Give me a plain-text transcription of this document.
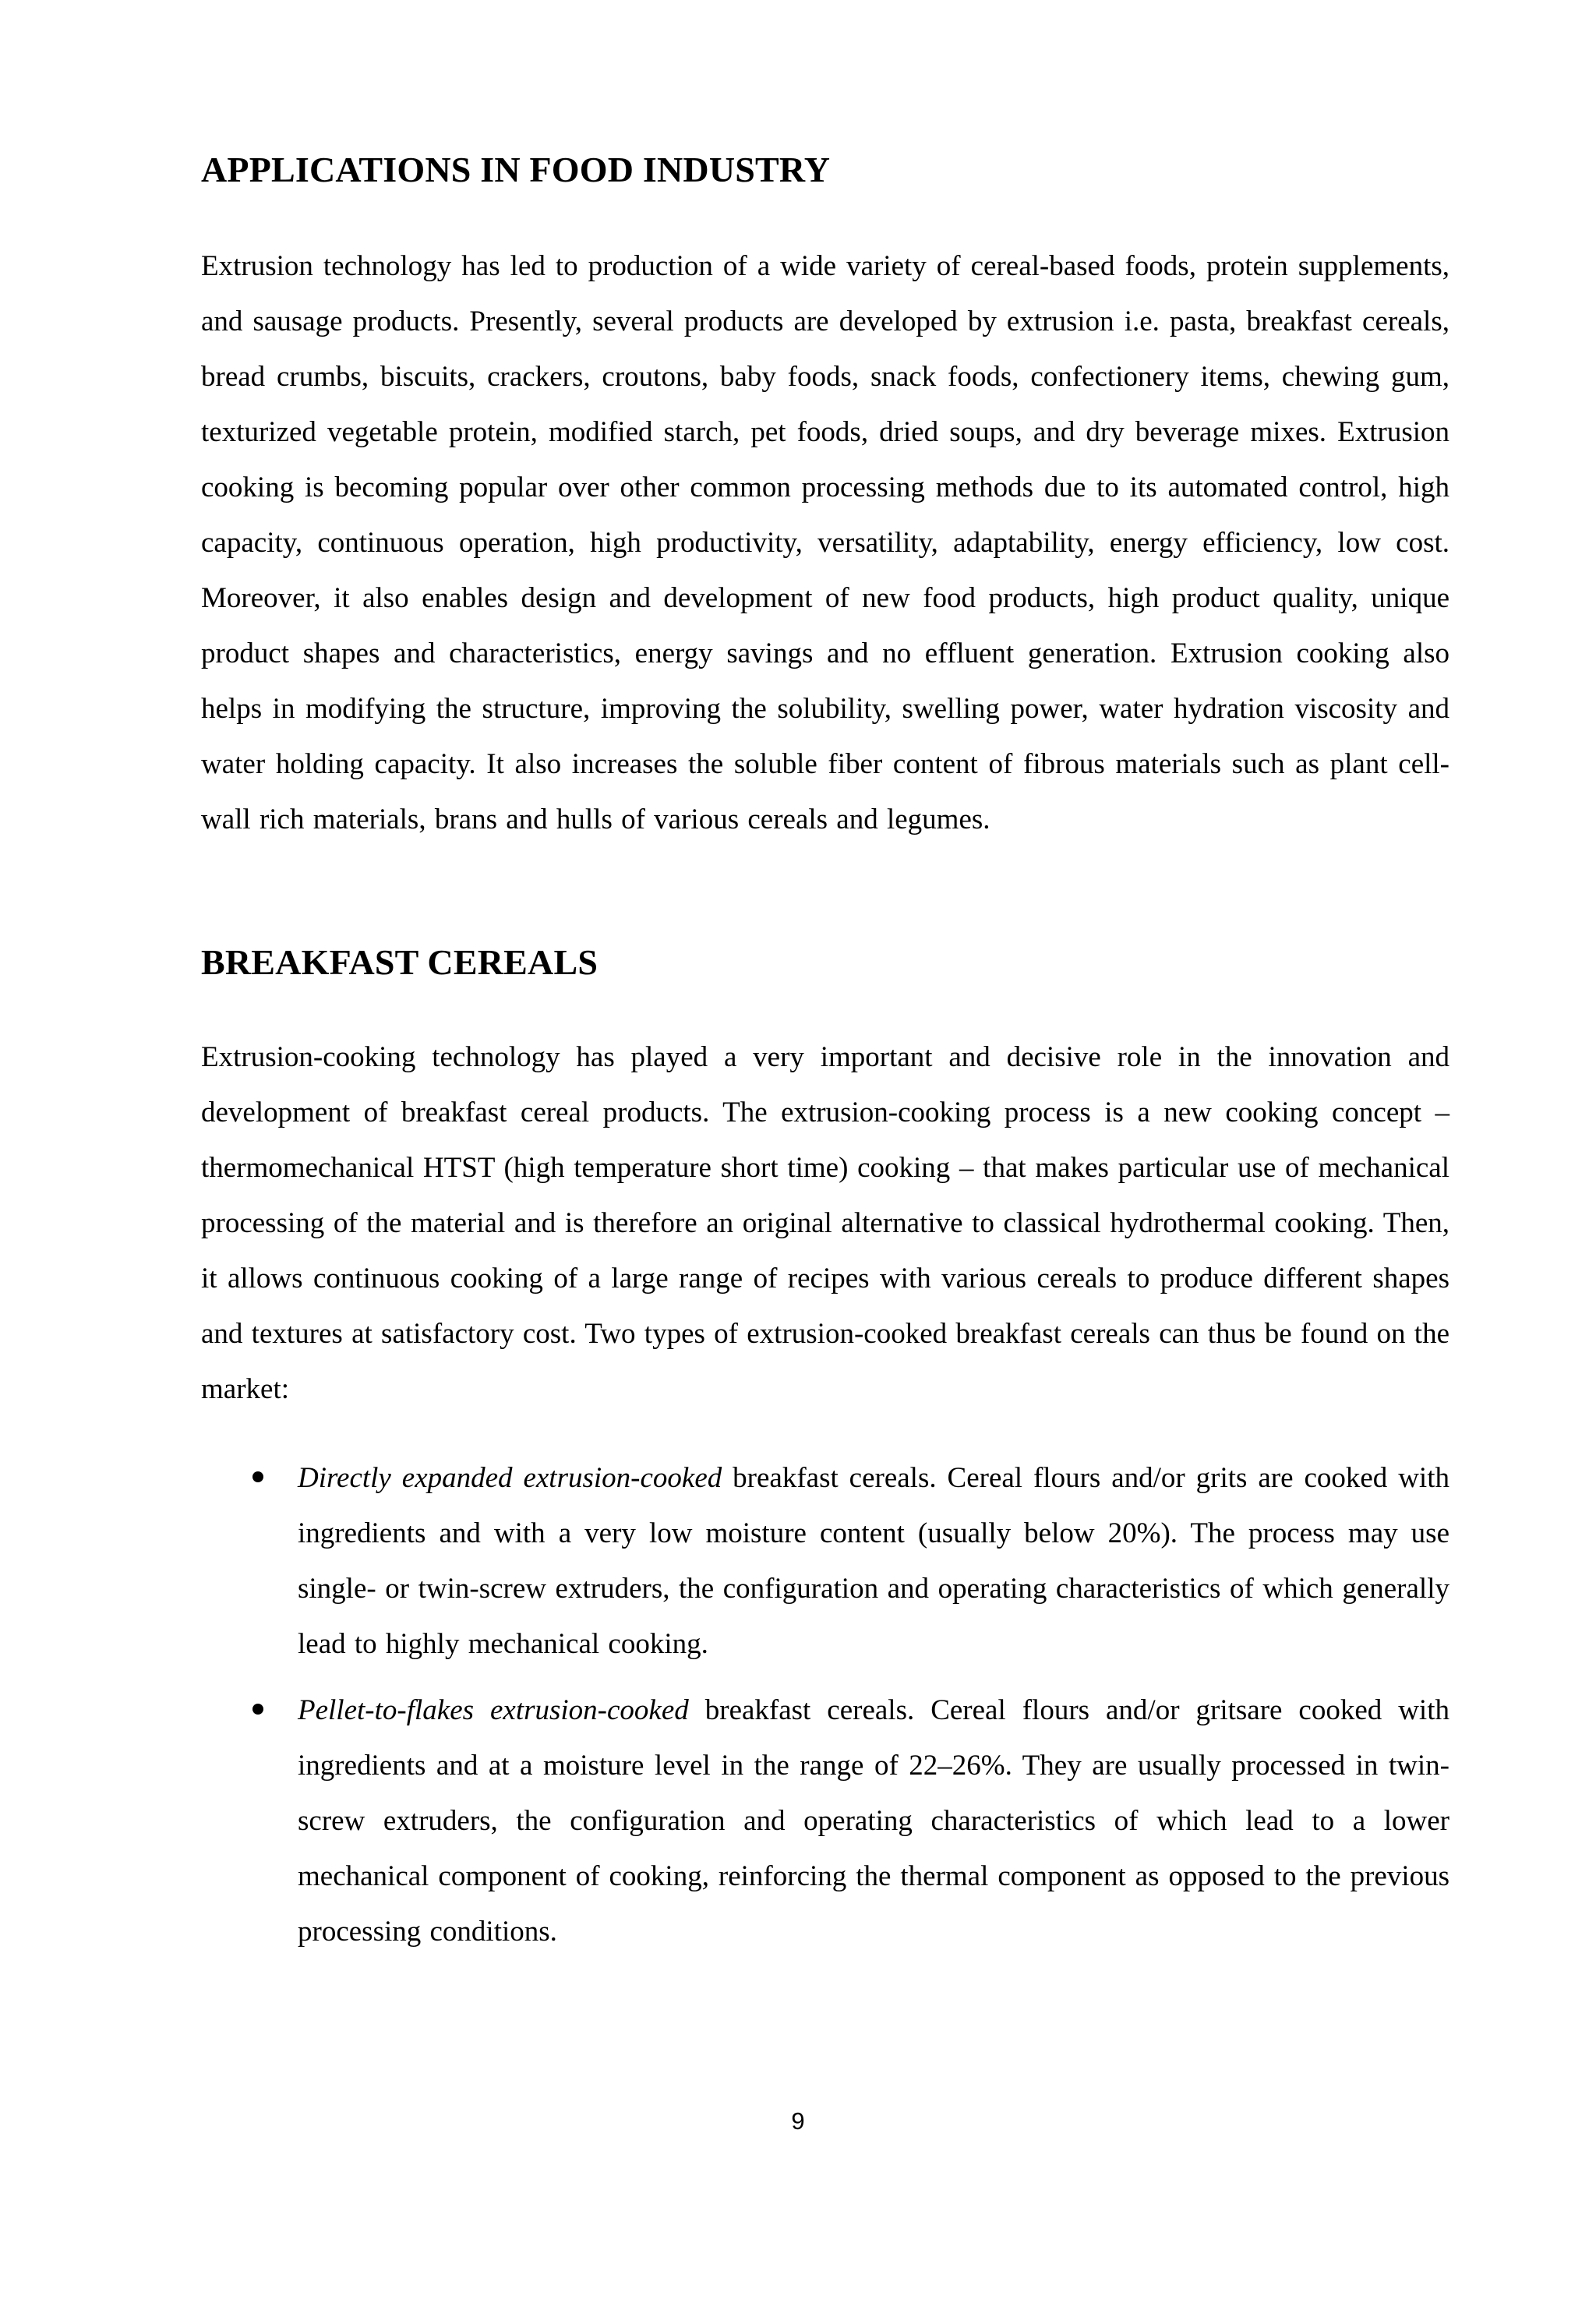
APPLICATIONS IN FOOD INDUSTRY

Extrusion technology has led to production of a wide variety of cereal-based foods, protein supplements, and sausage products. Presently, several products are developed by extrusion i.e. pasta, breakfast cereals, bread crumbs, biscuits, crackers, croutons, baby foods, snack foods, confectionery items, chewing gum, texturized vegetable protein, modified starch, pet foods, dried soups, and dry beverage mixes. Extrusion cooking is becoming popular over other common processing methods due to its automated control, high capacity, continuous operation, high productivity, versatility, adaptability, energy efficiency, low cost. Moreover, it also enables design and development of new food products, high product quality, unique product shapes and characteristics, energy savings and no effluent generation. Extrusion cooking also helps in modifying the structure, improving the solubility, swelling power, water hydration viscosity and water holding capacity. It also increases the soluble fiber content of fibrous materials such as plant cell-wall rich materials, brans and hulls of various cereals and legumes.

BREAKFAST CEREALS

Extrusion-cooking technology has played a very important and decisive role in the innovation and development of breakfast cereal products. The extrusion-cooking process is a new cooking concept – thermomechanical HTST (high temperature short time) cooking – that makes particular use of mechanical processing of the material and is therefore an original alternative to classical hydrothermal cooking. Then, it allows continuous cooking of a large range of recipes with various cereals to produce different shapes and textures at satisfactory cost. Two types of extrusion-cooked breakfast cereals can thus be found on the market:

Directly expanded extrusion-cooked breakfast cereals. Cereal flours and/or grits are cooked with ingredients and with a very low moisture content (usually below 20%). The process may use single- or twin-screw extruders, the configuration and operating characteristics of which generally lead to highly mechanical cooking.

Pellet-to-flakes extrusion-cooked breakfast cereals. Cereal flours and/or gritsare cooked with ingredients and at a moisture level in the range of 22–26%. They are usually processed in twin-screw extruders, the configuration and operating characteristics of which lead to a lower mechanical component of cooking, reinforcing the thermal component as opposed to the previous processing conditions.

9
